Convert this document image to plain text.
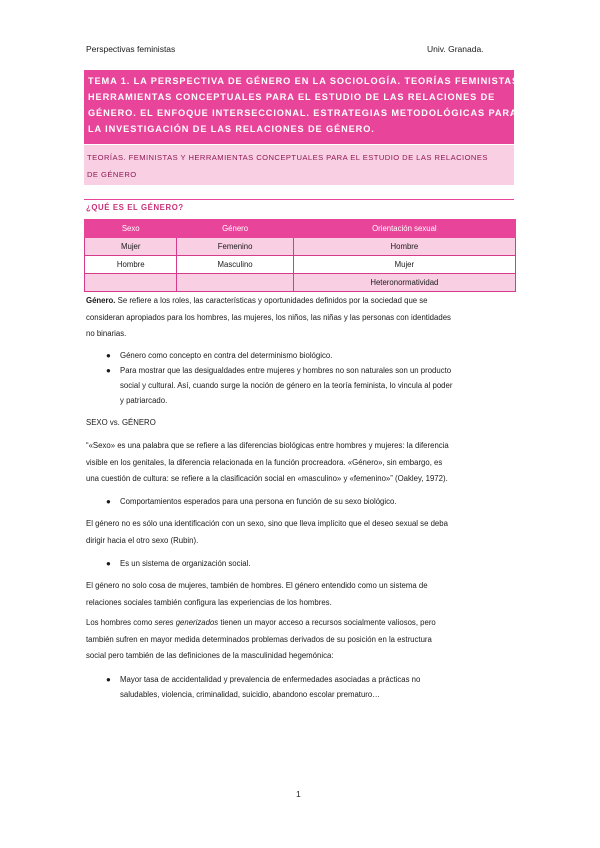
Perspectivas feministas	Univ. Granada.
TEMA 1. LA PERSPECTIVA DE GÉNERO EN LA SOCIOLOGÍA. TEORÍAS FEMINISTAS Y
HERRAMIENTAS CONCEPTUALES PARA EL ESTUDIO DE LAS RELACIONES DE
GÉNERO. EL ENFOQUE INTERSECCIONAL. ESTRATEGIAS METODOLÓGICAS PARA
LA INVESTIGACIÓN DE LAS RELACIONES DE GÉNERO.
TEORÍAS. FEMINISTAS Y HERRAMIENTAS CONCEPTUALES PARA EL ESTUDIO DE LAS RELACIONES
DE GÉNERO
¿QUÉ ES EL GÉNERO?
Sexo	Género	Orientación sexual
Mujer	Femenino	Hombre
Hombre	Masculino	Mujer
		Heteronormatividad
Género. Se refiere a los roles, las características y oportunidades definidos por la sociedad que se
consideran apropiados para los hombres, las mujeres, los niños, las niñas y las personas con identidades
no binarias.
● Género como concepto en contra del determinismo biológico.
● Para mostrar que las desigualdades entre mujeres y hombres no son naturales son un producto
social y cultural. Así, cuando surge la noción de género en la teoría feminista, lo vincula al poder
y patriarcado.
SEXO vs. GÉNERO
“«Sexo» es una palabra que se refiere a las diferencias biológicas entre hombres y mujeres: la diferencia
visible en los genitales, la diferencia relacionada en la función procreadora. «Género», sin embargo, es
una cuestión de cultura: se refiere a la clasificación social en «masculino» y «femenino»” (Oakley, 1972).
● Comportamientos esperados para una persona en función de su sexo biológico.
El género no es sólo una identificación con un sexo, sino que lleva implícito que el deseo sexual se deba
dirigir hacia el otro sexo (Rubin).
● Es un sistema de organización social.
El género no solo cosa de mujeres, también de hombres. El género entendido como un sistema de
relaciones sociales también configura las experiencias de los hombres.
Los hombres como seres generizados tienen un mayor acceso a recursos socialmente valiosos, pero
también sufren en mayor medida determinados problemas derivados de su posición en la estructura
social pero también de las definiciones de la masculinidad hegemónica:
● Mayor tasa de accidentalidad y prevalencia de enfermedades asociadas a prácticas no
saludables, violencia, criminalidad, suicidio, abandono escolar prematuro…
1
